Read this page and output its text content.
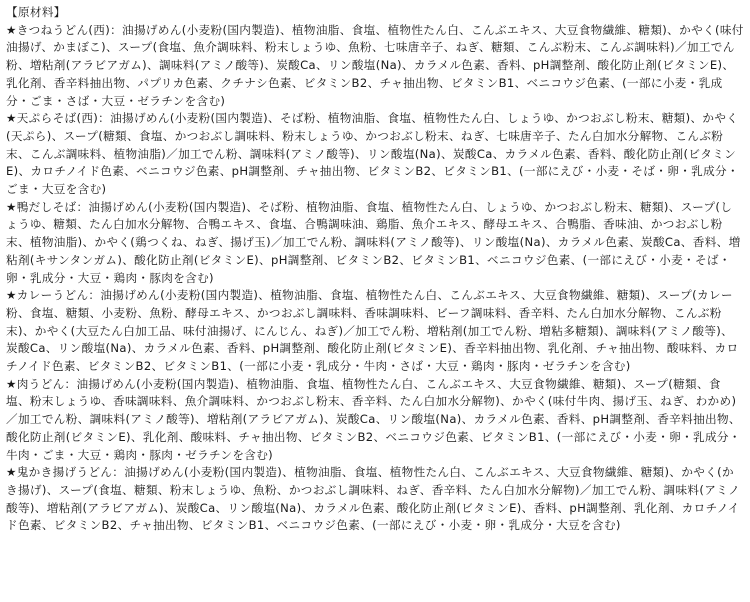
【原材料】
★きつねうどん(西)：油揚げめん(小麦粉(国内製造)、植物油脂、食塩、植物性たん白、こんぶエキス、大豆食物繊維、糖類)、かやく(味付油揚げ、かまぼこ)、スープ(食塩、魚介調味料、粉末しょうゆ、魚粉、七味唐辛子、ねぎ、糖類、こんぶ粉末、こんぶ調味料)／加工でん粉、増粘剤(アラビアガム)、調味料(アミノ酸等)、炭酸Ca、リン酸塩(Na)、カラメル色素、香料、pH調整剤、酸化防止剤(ビタミンE)、乳化剤、香辛料抽出物、パプリカ色素、クチナシ色素、ビタミンB2、チャ抽出物、ビタミンB1、ベニコウジ色素、(一部に小麦・乳成分・ごま・さば・大豆・ゼラチンを含む)
★天ぷらそば(西)：油揚げめん(小麦粉(国内製造)、そば粉、植物油脂、食塩、植物性たん白、しょうゆ、かつおぶし粉末、糖類)、かやく(天ぷら)、スープ(糖類、食塩、かつおぶし調味料、粉末しょうゆ、かつおぶし粉末、ねぎ、七味唐辛子、たん白加水分解物、こんぶ粉末、こんぶ調味料、植物油脂)／加工でん粉、調味料(アミノ酸等)、リン酸塩(Na)、炭酸Ca、カラメル色素、香料、酸化防止剤(ビタミンE)、カロチノイド色素、ベニコウジ色素、pH調整剤、チャ抽出物、ビタミンB2、ビタミンB1、(一部にえび・小麦・そば・卵・乳成分・ごま・大豆を含む)
★鴨だしそば：油揚げめん(小麦粉(国内製造)、そば粉、植物油脂、食塩、植物性たん白、しょうゆ、かつおぶし粉末、糖類)、スープ(しょうゆ、糖類、たん白加水分解物、合鴨エキス、食塩、合鴨調味油、鶏脂、魚介エキス、酵母エキス、合鴨脂、香味油、かつおぶし粉末、植物油脂)、かやく(鶏つくね、ねぎ、揚げ玉)／加工でん粉、調味料(アミノ酸等)、リン酸塩(Na)、カラメル色素、炭酸Ca、香料、増粘剤(キサンタンガム)、酸化防止剤(ビタミンE)、pH調整剤、ビタミンB2、ビタミンB1、ベニコウジ色素、(一部にえび・小麦・そば・卵・乳成分・大豆・鶏肉・豚肉を含む)
★カレーうどん：油揚げめん(小麦粉(国内製造)、植物油脂、食塩、植物性たん白、こんぶエキス、大豆食物繊維、糖類)、スープ(カレー粉、食塩、糖類、小麦粉、魚粉、酵母エキス、かつおぶし調味料、香味調味料、ビーフ調味料、香辛料、たん白加水分解物、こんぶ粉末)、かやく(大豆たん白加工品、味付油揚げ、にんじん、ねぎ)／加工でん粉、増粘剤(加工でん粉、増粘多糖類)、調味料(アミノ酸等)、炭酸Ca、リン酸塩(Na)、カラメル色素、香料、pH調整剤、酸化防止剤(ビタミンE)、香辛料抽出物、乳化剤、チャ抽出物、酸味料、カロチノイド色素、ビタミンB2、ビタミンB1、(一部に小麦・乳成分・牛肉・さば・大豆・鶏肉・豚肉・ゼラチンを含む)
★肉うどん：油揚げめん(小麦粉(国内製造)、植物油脂、食塩、植物性たん白、こんぶエキス、大豆食物繊維、糖類)、スープ(糖類、食塩、粉末しょうゆ、香味調味料、魚介調味料、かつおぶし粉末、香辛料、たん白加水分解物)、かやく(味付牛肉、揚げ玉、ねぎ、わかめ)／加工でん粉、調味料(アミノ酸等)、増粘剤(アラビアガム)、炭酸Ca、リン酸塩(Na)、カラメル色素、香料、pH調整剤、香辛料抽出物、酸化防止剤(ビタミンE)、乳化剤、酸味料、チャ抽出物、ビタミンB2、ベニコウジ色素、ビタミンB1、(一部にえび・小麦・卵・乳成分・牛肉・ごま・大豆・鶏肉・豚肉・ゼラチンを含む)
★鬼かき揚げうどん：油揚げめん(小麦粉(国内製造)、植物油脂、食塩、植物性たん白、こんぶエキス、大豆食物繊維、糖類)、かやく(かき揚げ)、スープ(食塩、糖類、粉末しょうゆ、魚粉、かつおぶし調味料、ねぎ、香辛料、たん白加水分解物)／加工でん粉、調味料(アミノ酸等)、増粘剤(アラビアガム)、炭酸Ca、リン酸塩(Na)、カラメル色素、酸化防止剤(ビタミンE)、香料、pH調整剤、乳化剤、カロチノイド色素、ビタミンB2、チャ抽出物、ビタミンB1、ベニコウジ色素、(一部にえび・小麦・卵・乳成分・大豆を含む)
